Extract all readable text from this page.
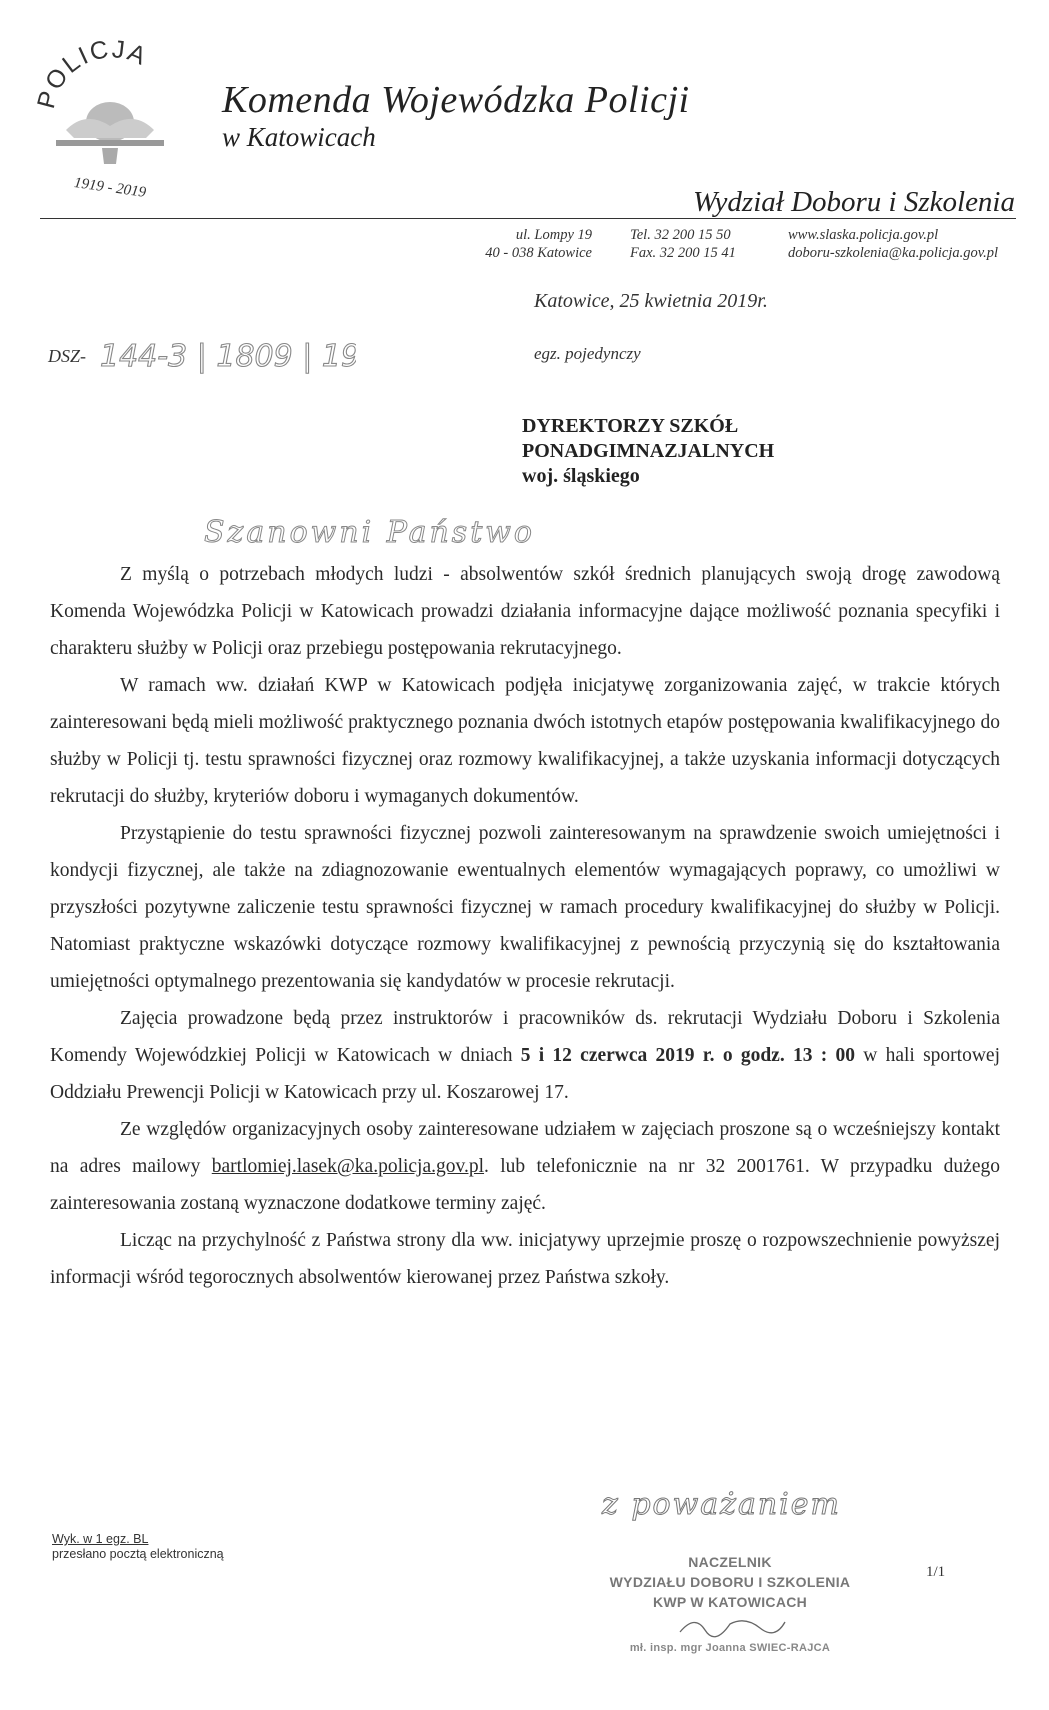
OLICJA
1919 - 2019
Komenda Wojewódzka Policji
w Katowicach
Wydział Doboru i Szkolenia
ul. Lompy 19
40 - 038 Katowice
Tel. 32 200 15 50
Fax. 32 200 15 41
www.slaska.policja.gov.pl
doboru-szkolenia@ka.policja.gov.pl
Katowice, 25 kwietnia 2019r.
DSZ- 144-3 | 1809 | 19	egz. pojedynczy
DYREKTORZY SZKÓŁ
PONADGIMNAZJALNYCH
woj. śląskiego
Szanowni Państwo

Z myślą o potrzebach młodych ludzi - absolwentów szkół średnich planujących swoją drogę zawodową Komenda Wojewódzka Policji w Katowicach prowadzi działania informacyjne dające możliwość poznania specyfiki i charakteru służby w Policji oraz przebiegu postępowania rekrutacyjnego.

W ramach ww. działań KWP w Katowicach podjęła inicjatywę zorganizowania zajęć, w trakcie których zainteresowani będą mieli możliwość praktycznego poznania dwóch istotnych etapów postępowania kwalifikacyjnego do służby w Policji tj. testu sprawności fizycznej oraz rozmowy kwalifikacyjnej, a także uzyskania informacji dotyczących rekrutacji do służby, kryteriów doboru i wymaganych dokumentów.

Przystąpienie do testu sprawności fizycznej pozwoli zainteresowanym na sprawdzenie swoich umiejętności i kondycji fizycznej, ale także na zdiagnozowanie ewentualnych elementów wymagających poprawy, co umożliwi w przyszłości pozytywne zaliczenie testu sprawności fizycznej w ramach procedury kwalifikacyjnej do służby w Policji. Natomiast praktyczne wskazówki dotyczące rozmowy kwalifikacyjnej z pewnością przyczynią się do kształtowania umiejętności optymalnego prezentowania się kandydatów w procesie rekrutacji.

Zajęcia prowadzone będą przez instruktorów i pracowników ds. rekrutacji Wydziału Doboru i Szkolenia Komendy Wojewódzkiej Policji w Katowicach w dniach 5 i 12 czerwca 2019 r. o godz. 13 : 00 w hali sportowej Oddziału Prewencji Policji w Katowicach przy ul. Koszarowej 17.

Ze względów organizacyjnych osoby zainteresowane udziałem w zajęciach proszone są o wcześniejszy kontakt na adres mailowy bartlomiej.lasek@ka.policja.gov.pl. lub telefonicznie na nr 32 2001761. W przypadku dużego zainteresowania zostaną wyznaczone dodatkowe terminy zajęć.

Licząc na przychylność z Państwa strony dla ww. inicjatywy uprzejmie proszę o rozpowszechnienie powyższej informacji wśród tegorocznych absolwentów kierowanej przez Państwa szkoły.

Wyk. w 1 egz. BL
przesłano pocztą elektroniczną
z poważaniem
NACZELNIK
WYDZIAŁU DOBORU I SZKOLENIA
KWP W KATOWICACH
mł. insp. mgr Joanna SWIEC-RAJCA
1/1
